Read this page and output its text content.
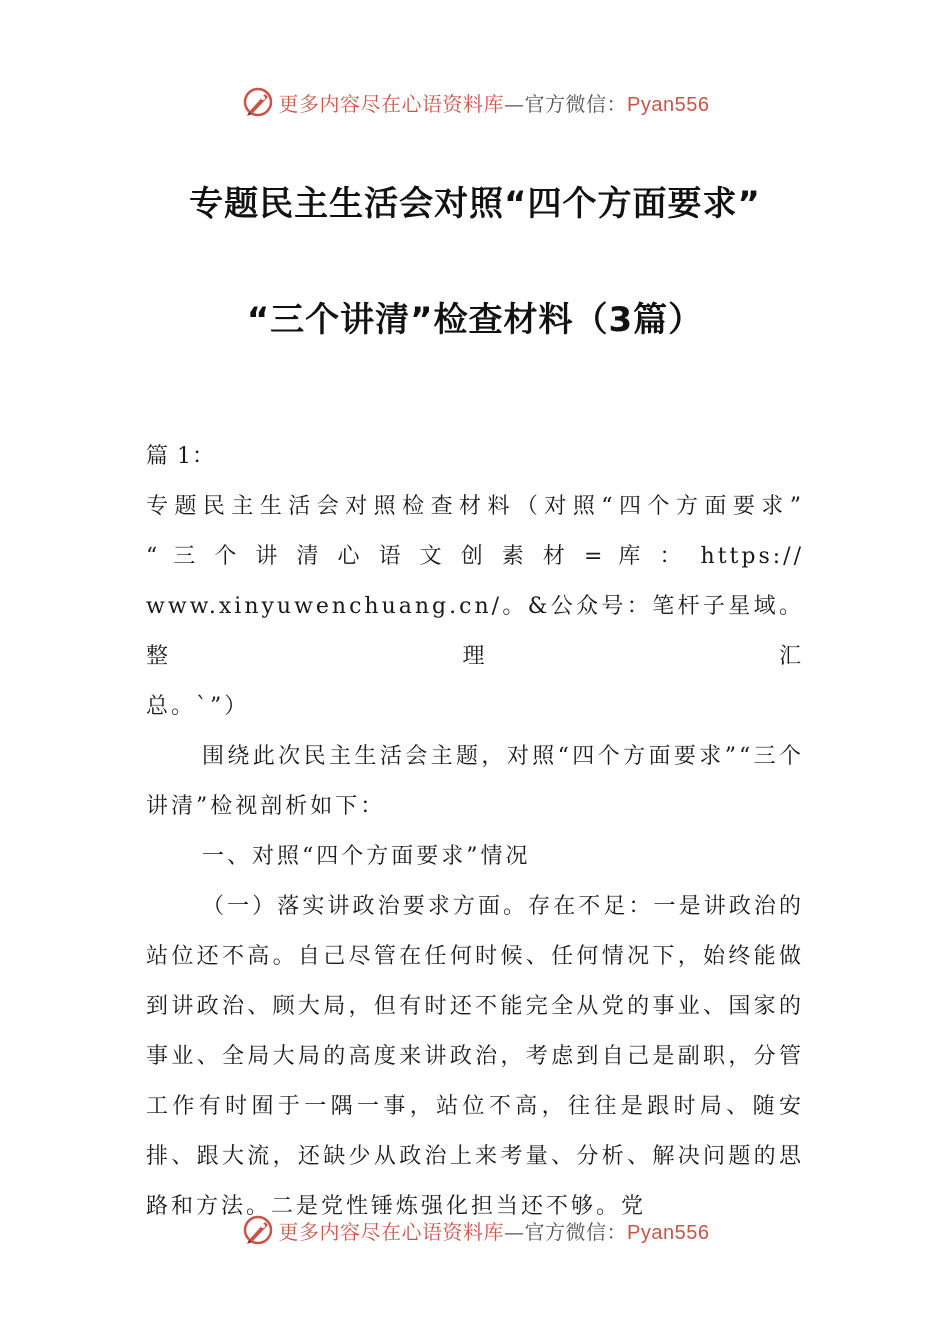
更多内容尽在心语资料库—官方微信：Pyan556
专题民主生活会对照“四个方面要求”
“三个讲清”检查材料（3篇）

篇 1：

专题民主生活会对照检查材料（对照“四个方面要求”

“ 三 个 讲 清 心 语 文 创 素 材 = 库 ： https://

www.xinyuwenchuang.cn/。&公众号：笔杆子星域。整理汇

总。`”）

围绕此次民主生活会主题，对照“四个方面要求”“三个讲清”检视剖析如下：

一、对照“四个方面要求”情况

（一）落实讲政治要求方面。存在不足：一是讲政治的站位还不高。自己尽管在任何时候、任何情况下，始终能做到讲政治、顾大局，但有时还不能完全从党的事业、国家的事业、全局大局的高度来讲政治，考虑到自己是副职，分管工作有时囿于一隅一事，站位不高，往往是跟时局、随安排、跟大流，还缺少从政治上来考量、分析、解决问题的思路和方法。二是党性锤炼强化担当还不够。党

更多内容尽在心语资料库—官方微信：Pyan556
